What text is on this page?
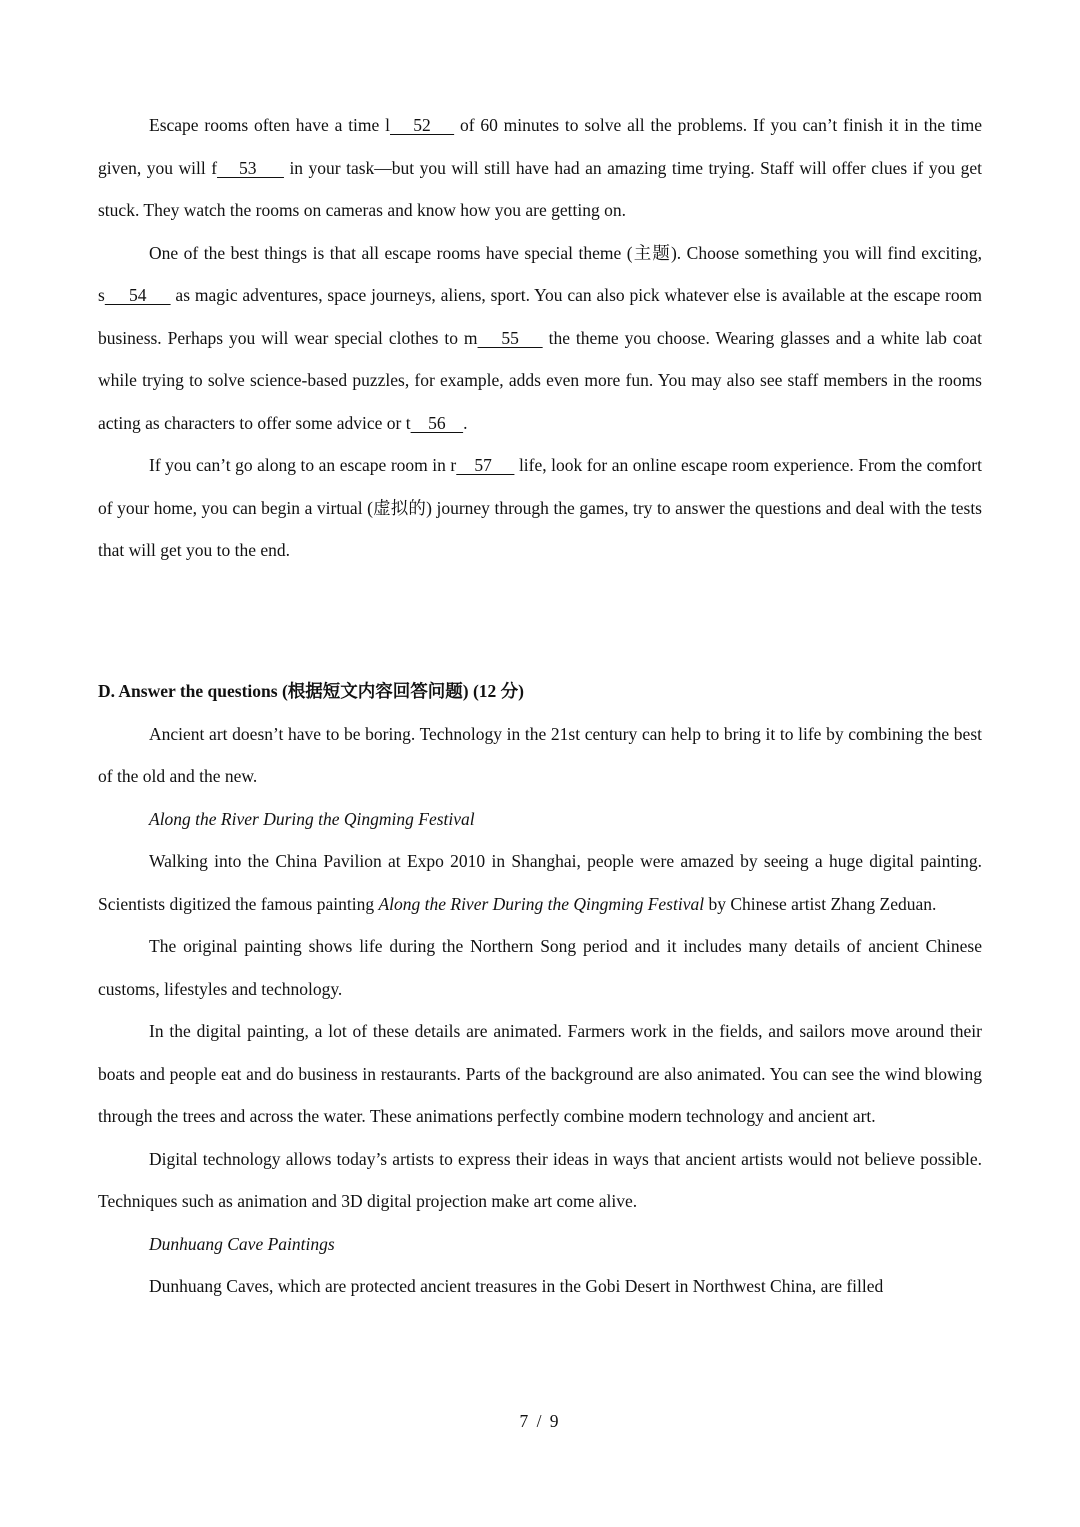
Escape rooms often have a time l    52     of 60 minutes to solve all the problems. If you can’t finish it in the time given, you will f    53      in your task—but you will still have had an amazing time trying. Staff will offer clues if you get stuck. They watch the rooms on cameras and know how you are getting on.

One of the best things is that all escape rooms have special theme (主题). Choose something you will find exciting, s     54      as magic adventures, space journeys, aliens, sport. You can also pick whatever else is available at the escape room business. Perhaps you will wear special clothes to m    55     the theme you choose. Wearing glasses and a white lab coat while trying to solve science-based puzzles, for example, adds even more fun. You may also see staff members in the rooms acting as characters to offer some advice or t    56    .

If you can’t go along to an escape room in r    57      life, look for an online escape room experience. From the comfort of your home, you can begin a virtual (虚拟的) journey through the games, try to answer the questions and deal with the tests that will get you to the end.

D. Answer the questions (根据短文内容回答问题) (12 分)

Ancient art doesn’t have to be boring. Technology in the 21st century can help to bring it to life by combining the best of the old and the new.

Along the River During the Qingming Festival

Walking into the China Pavilion at Expo 2010 in Shanghai, people were amazed by seeing a huge digital painting. Scientists digitized the famous painting Along the River During the Qingming Festival by Chinese artist Zhang Zeduan.

The original painting shows life during the Northern Song period and it includes many details of ancient Chinese customs, lifestyles and technology.

In the digital painting, a lot of these details are animated. Farmers work in the fields, and sailors move around their boats and people eat and do business in restaurants. Parts of the background are also animated. You can see the wind blowing through the trees and across the water. These animations perfectly combine modern technology and ancient art.

Digital technology allows today’s artists to express their ideas in ways that ancient artists would not believe possible. Techniques such as animation and 3D digital projection make art come alive.

Dunhuang Cave Paintings

Dunhuang Caves, which are protected ancient treasures in the Gobi Desert in Northwest China, are filled

7 / 9
